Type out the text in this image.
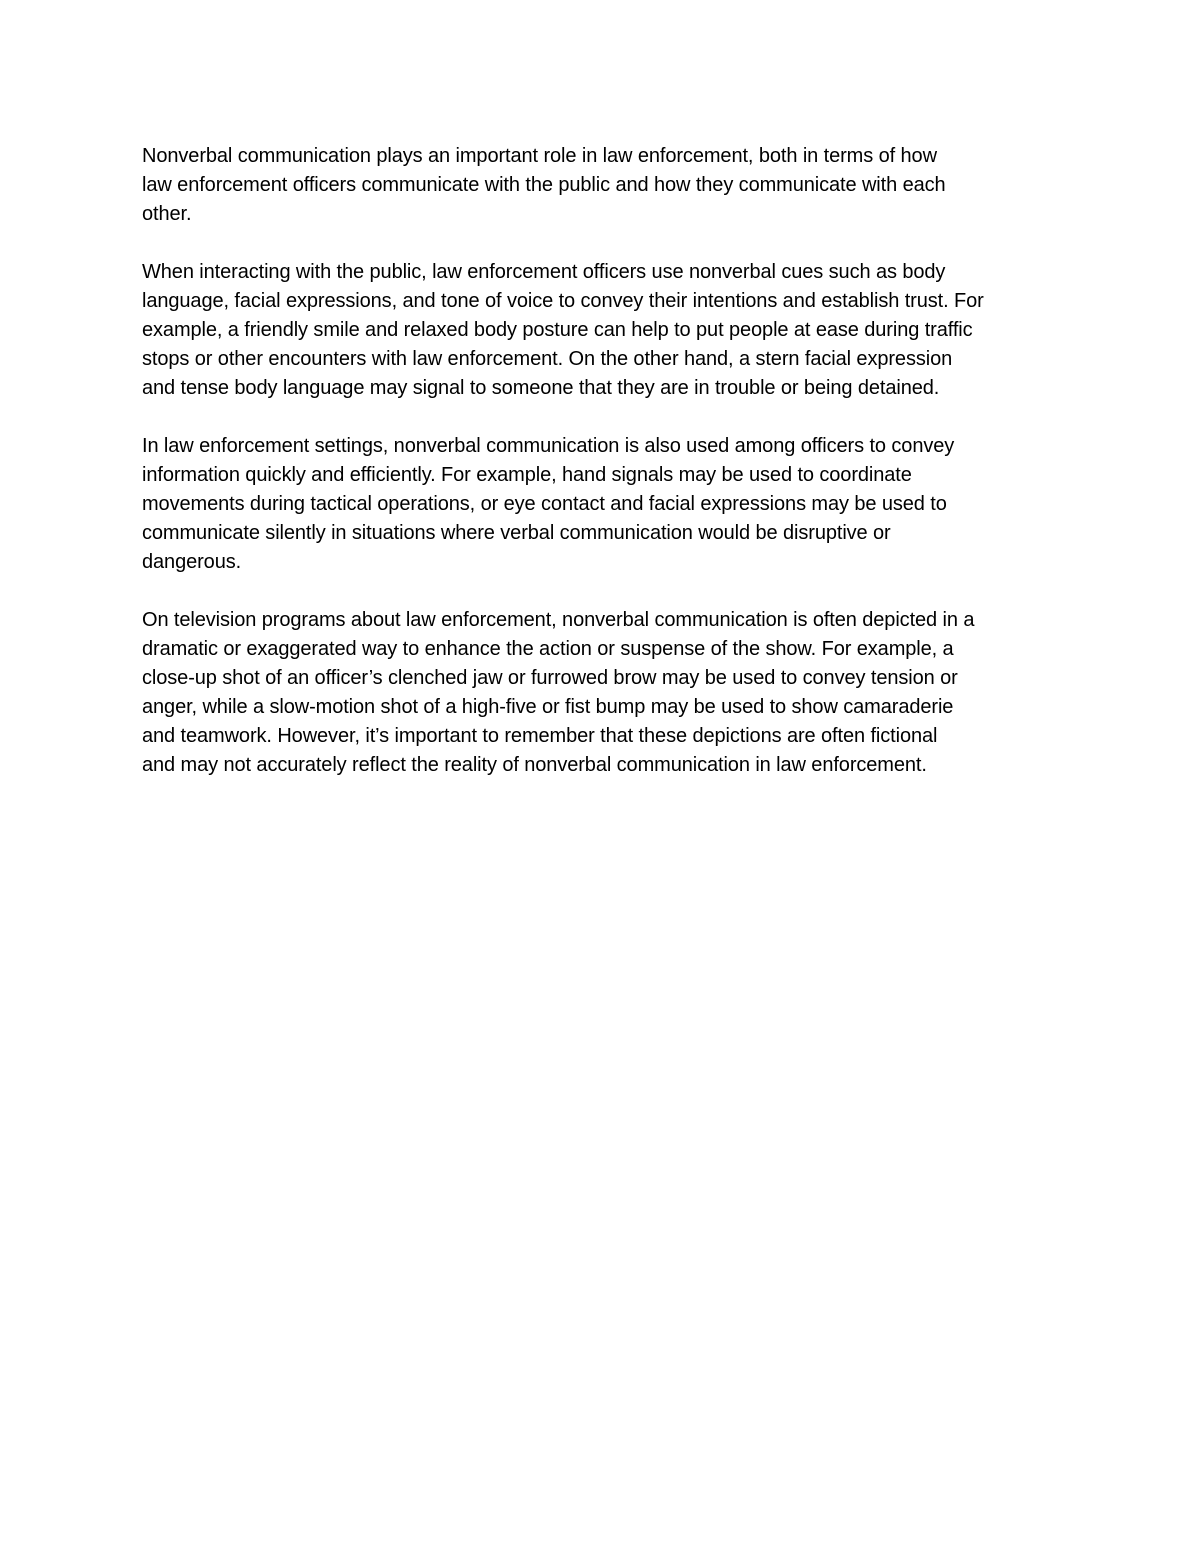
Nonverbal communication plays an important role in law enforcement, both in terms of how
law enforcement officers communicate with the public and how they communicate with each
other.

When interacting with the public, law enforcement officers use nonverbal cues such as body
language, facial expressions, and tone of voice to convey their intentions and establish trust. For
example, a friendly smile and relaxed body posture can help to put people at ease during traffic
stops or other encounters with law enforcement. On the other hand, a stern facial expression
and tense body language may signal to someone that they are in trouble or being detained.

In law enforcement settings, nonverbal communication is also used among officers to convey
information quickly and efficiently. For example, hand signals may be used to coordinate
movements during tactical operations, or eye contact and facial expressions may be used to
communicate silently in situations where verbal communication would be disruptive or
dangerous.

On television programs about law enforcement, nonverbal communication is often depicted in a
dramatic or exaggerated way to enhance the action or suspense of the show. For example, a
close-up shot of an officer’s clenched jaw or furrowed brow may be used to convey tension or
anger, while a slow-motion shot of a high-five or fist bump may be used to show camaraderie
and teamwork. However, it’s important to remember that these depictions are often fictional
and may not accurately reflect the reality of nonverbal communication in law enforcement.
